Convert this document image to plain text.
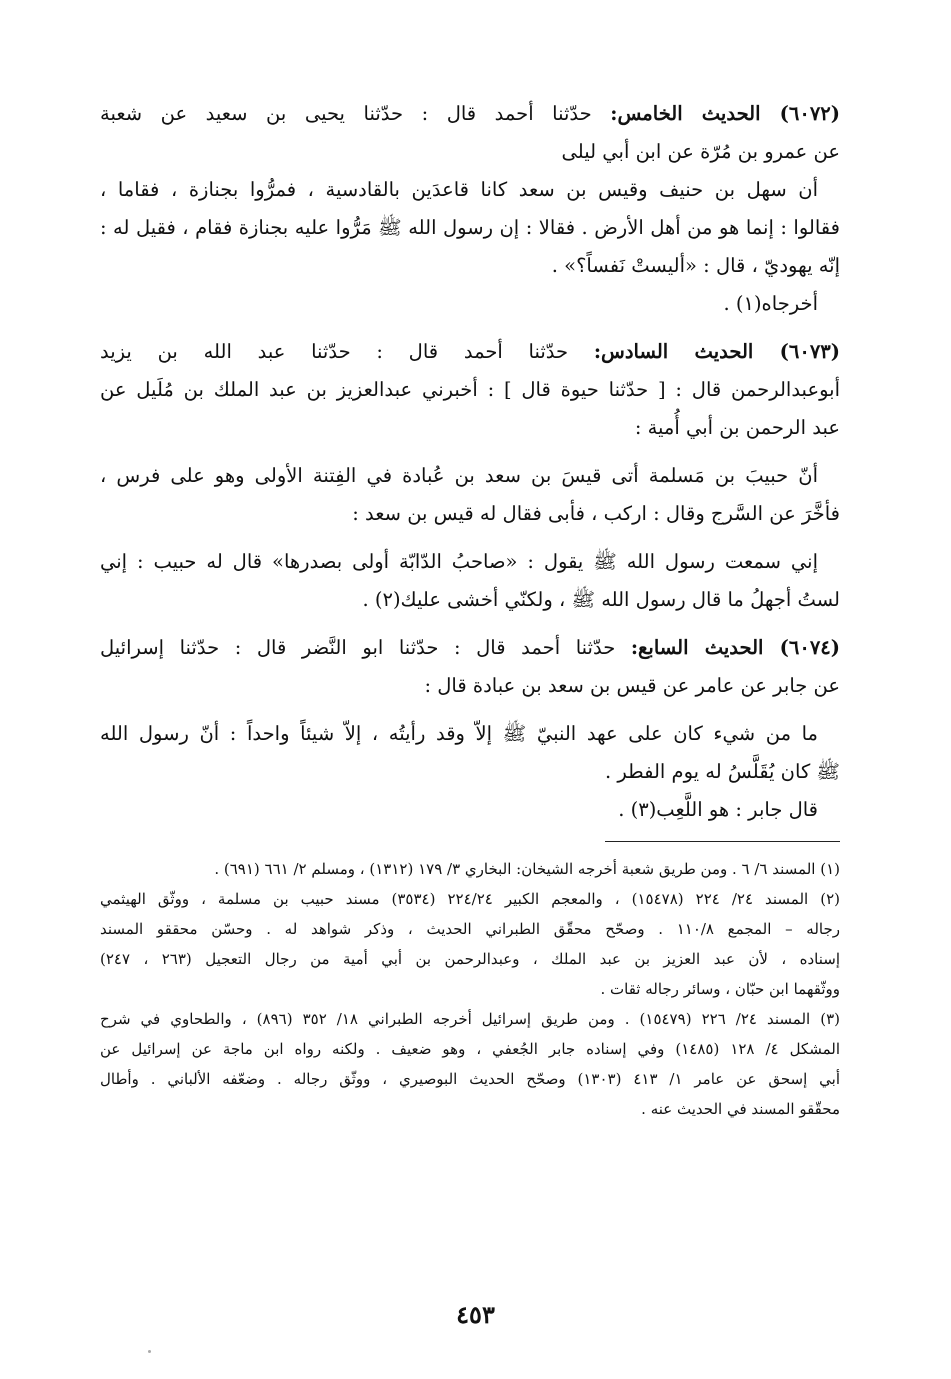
(٦٠٧٢) الحديث الخامس: حدّثنا أحمد قال : حدّثنا يحيى بن سعيد عن شعبة
عن عمرو بن مُرّة عن ابن أبي ليلى
أن سهل بن حنيف وقيس بن سعد كانا قاعدَين بالقادسية ، فمرُّوا بجنازة ، فقاما ،
فقالوا : إنما هو من أهل الأرض . فقالا : إن رسول الله ﷺ مَرُّوا عليه بجنازة فقام ، فقيل له :
إنّه يهوديّ ، قال : «أليستْ نَفساً؟» .
أخرجاه(١) .
(٦٠٧٣) الحديث السادس: حدّثنا أحمد قال : حدّثنا عبد الله بن يزيد
أبوعبدالرحمن قال : [ حدّثنا حيوة قال ] : أخبرني عبدالعزيز بن عبد الملك بن مُلَيل عن
عبد الرحمن بن أبي أُمية :
أنّ حبيبَ بن مَسلمة أتى قيسَ بن سعد بن عُبادة في الفِتنة الأولى وهو على فرس ،
فأخَّرَ عن السَّرج وقال : اركب ، فأبى فقال له قيس بن سعد :
إني سمعت رسول الله ﷺ يقول : «صاحبُ الدّابّة أولى بصدرها» قال له حبيب : إني
لستُ أجهلُ ما قال رسول الله ﷺ ، ولكنّي أخشى عليك(٢) .
(٦٠٧٤) الحديث السابع: حدّثنا أحمد قال : حدّثنا ابو النَّضر قال : حدّثنا إسرائيل
عن جابر عن عامر عن قيس بن سعد بن عبادة قال :
ما من شيء كان على عهد النبيّ ﷺ إلاّ وقد رأيتُه ، إلاّ شيئاً واحداً : أنّ رسول الله
ﷺ كان يُقَلَّسُ له يوم الفطر .
قال جابر : هو اللَّعِب(٣) .
(١) المسند ٦/ ٦ . ومن طريق شعبة أخرجه الشيخان: البخاري ٣/ ١٧٩ (١٣١٢) ، ومسلم ٢/ ٦٦١ (٦٩١) .
(٢) المسند ٢٤/ ٢٢٤ (١٥٤٧٨) ، والمعجم الكبير ٢٢٤/٢٤ (٣٥٣٤) مسند حبيب بن مسلمة ، ووثّق الهيثمي
رجاله – المجمع ١١٠/٨ . وصحّح محقّق الطبراني الحديث ، وذكر شواهد له . وحسّن محققو المسند
إسناده ، لأن عبد العزيز بن عبد الملك ، وعبدالرحمن بن أبي أمية من رجال التعجيل (٢٦٣ ، ٢٤٧)
ووثّقهما ابن حبّان ، وسائر رجاله ثقات .
(٣) المسند ٢٤/ ٢٢٦ (١٥٤٧٩) . ومن طريق إسرائيل أخرجه الطبراني ١٨/ ٣٥٢ (٨٩٦) ، والطحاوي في شرح
المشكل ٤/ ١٢٨ (١٤٨٥) وفي إسناده جابر الجُعفي ، وهو ضعيف . ولكنه رواه ابن ماجة عن إسرائيل عن
أبي إسحق عن عامر ١/ ٤١٣ (١٣٠٣) وصحّح الحديث البوصيري ، ووثّق رجاله . وضعّفه الألباني . وأطال
محقّقو المسند في الحديث عنه .
٤٥٣
